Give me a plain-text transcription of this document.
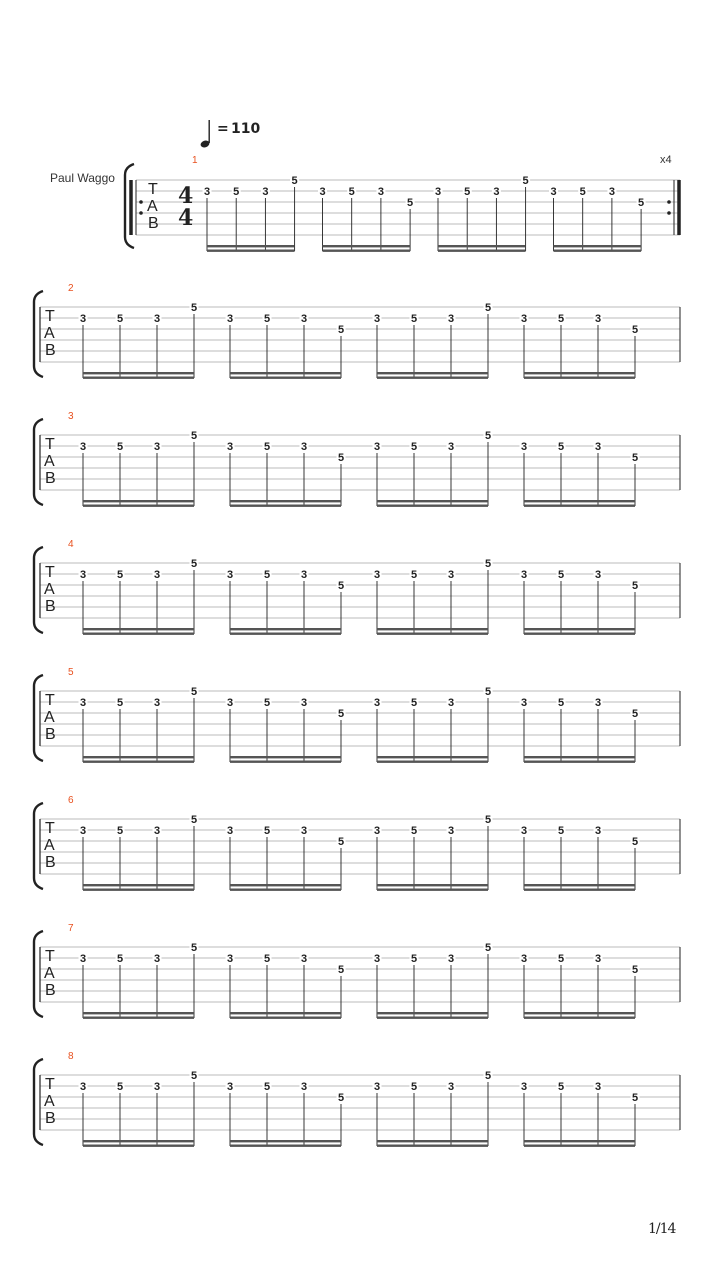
= 110
Paul Waggo
x4
1
T
A
B
4
4
3 5 3
5
3 5 3
5
3 5 3
5
3 5 3
5
2
T
A
B
3	5	3
5
3	5	3
5
3	5	3
5
3	5	3
5
3
T
A
B
3	5	3
5
3	5	3
5
3	5	3
5
3	5	3
5
4
T
A
B
3	5	3
5
3	5	3
5
3	5	3
5
3	5	3
5
5
T
A
B
3	5	3
5
3	5	3
5
3	5	3
5
3	5	3
5
6
T
A
B
3	5	3
5
3	5	3
5
3	5	3
5
3	5	3
5
7
T
A
B
3	5	3
5
3	5	3
5
3	5	3
5
3	5	3
5
8
T
A
B
3	5	3
5
3	5	3
5
3	5	3
5
3	5	3
5
1/14
